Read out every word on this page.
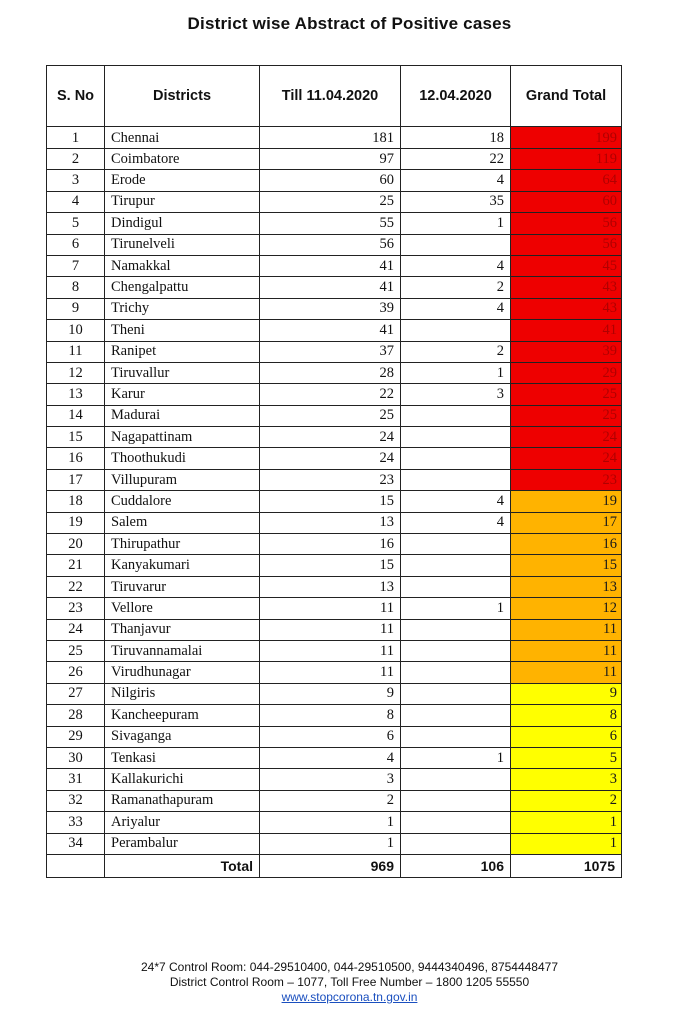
District wise Abstract of Positive cases
S. No	Districts	Till 11.04.2020	12.04.2020	Grand Total
1	Chennai	181	18	199
2	Coimbatore	97	22	119
3	Erode	60	4	64
4	Tirupur	25	35	60
5	Dindigul	55	1	56
6	Tirunelveli	56		56
7	Namakkal	41	4	45
8	Chengalpattu	41	2	43
9	Trichy	39	4	43
10	Theni	41		41
11	Ranipet	37	2	39
12	Tiruvallur	28	1	29
13	Karur	22	3	25
14	Madurai	25		25
15	Nagapattinam	24		24
16	Thoothukudi	24		24
17	Villupuram	23		23
18	Cuddalore	15	4	19
19	Salem	13	4	17
20	Thirupathur	16		16
21	Kanyakumari	15		15
22	Tiruvarur	13		13
23	Vellore	11	1	12
24	Thanjavur	11		11
25	Tiruvannamalai	11		11
26	Virudhunagar	11		11
27	Nilgiris	9		9
28	Kancheepuram	8		8
29	Sivaganga	6		6
30	Tenkasi	4	1	5
31	Kallakurichi	3		3
32	Ramanathapuram	2		2
33	Ariyalur	1		1
34	Perambalur	1		1
	Total	969	106	1075
24*7 Control Room: 044-29510400, 044-29510500, 9444340496, 8754448477
District Control Room – 1077, Toll Free Number – 1800 1205 55550
www.stopcorona.tn.gov.in
